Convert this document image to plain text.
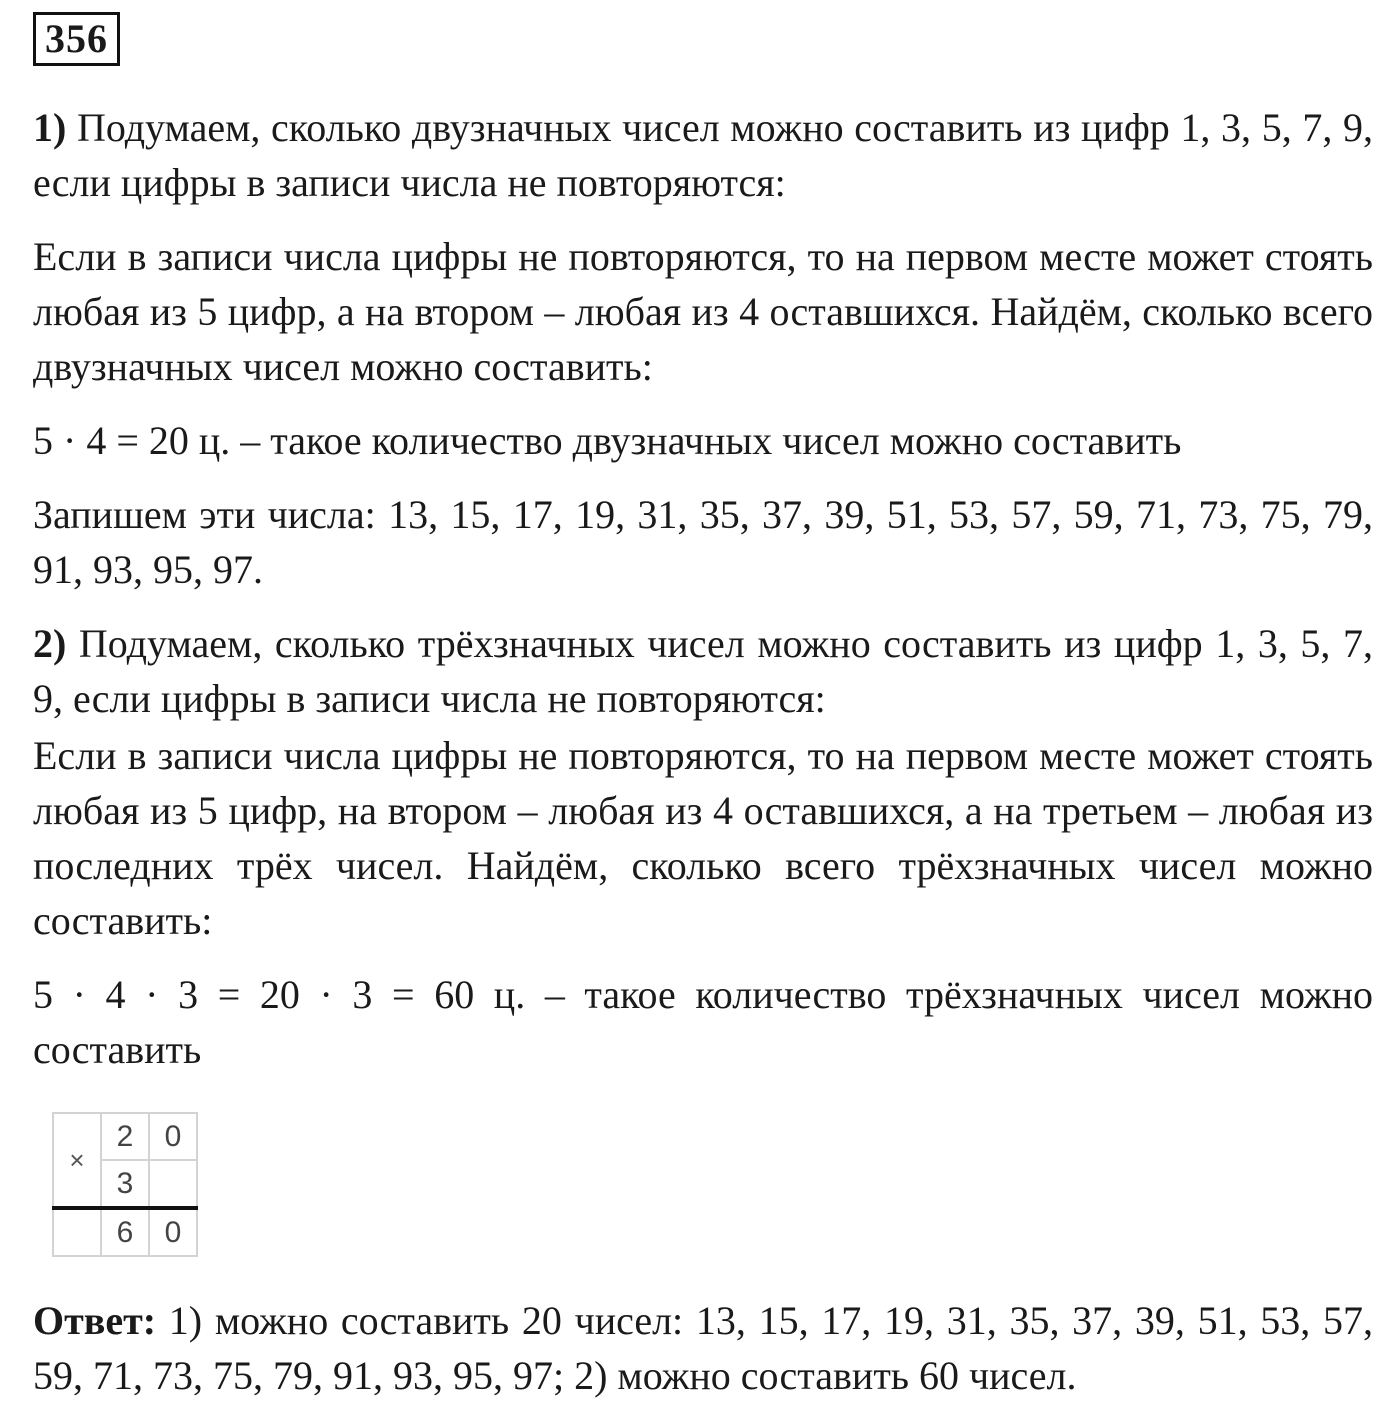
356

1) Подумаем, сколько двузначных чисел можно составить из цифр 1, 3, 5, 7, 9, если цифры в записи числа не повторяются:

Если в записи числа цифры не повторяются, то на первом месте может стоять любая из 5 цифр, а на втором – любая из 4 оставшихся. Найдём, сколько всего двузначных чисел можно составить:

5 · 4 = 20 ц. – такое количество двузначных чисел можно составить

Запишем эти числа: 13, 15, 17, 19, 31, 35, 37, 39, 51, 53, 57, 59, 71, 73, 75, 79, 91, 93, 95, 97.

2) Подумаем, сколько трёхзначных чисел можно составить из цифр 1, 3, 5, 7, 9, если цифры в записи числа не повторяются:

Если в записи числа цифры не повторяются, то на первом месте может стоять любая из 5 цифр, на втором – любая из 4 оставшихся, а на третьем – любая из последних трёх чисел. Найдём, сколько всего трёхзначных чисел можно составить:

5 · 4 · 3 = 20 · 3 = 60 ц. – такое количество трёхзначных чисел можно составить

×	2	0
	3	
	6	0

Ответ: 1) можно составить 20 чисел: 13, 15, 17, 19, 31, 35, 37, 39, 51, 53, 57, 59, 71, 73, 75, 79, 91, 93, 95, 97; 2) можно составить 60 чисел.
